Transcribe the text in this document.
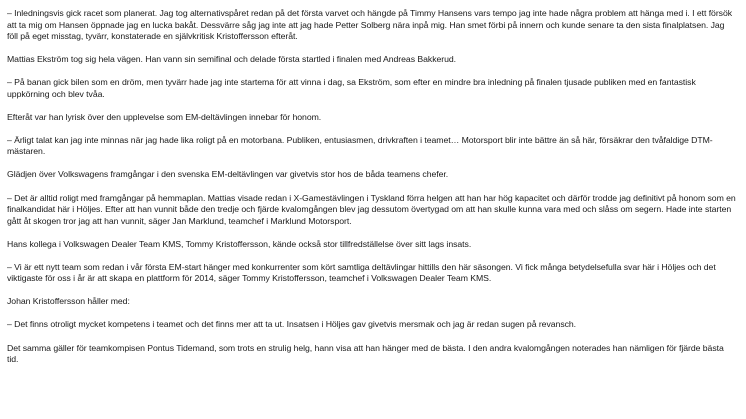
– Inledningsvis gick racet som planerat. Jag tog alternativspåret redan på det första varvet och hängde på Timmy Hansens vars tempo jag inte hade några problem att hänga med i. I ett försök att ta mig om Hansen öppnade jag en lucka bakåt. Dessvärre såg jag inte att jag hade Petter Solberg nära inpå mig. Han smet förbi på innern och kunde senare ta den sista finalplatsen. Jag föll på eget misstag, tyvärr, konstaterade en självkritisk Kristoffersson efteråt.

Mattias Ekström tog sig hela vägen. Han vann sin semifinal och delade första startled i finalen med Andreas Bakkerud.

– På banan gick bilen som en dröm, men tyvärr hade jag inte startema för att vinna i dag, sa Ekström, som efter en mindre bra inledning på finalen tjusade publiken med en fantastisk uppkörning och blev tvåa.

Efteråt var han lyrisk över den upplevelse som EM-deltävlingen innebar för honom.

– Ärligt talat kan jag inte minnas när jag hade lika roligt på en motorbana. Publiken, entusiasmen, drivkraften i teamet… Motorsport blir inte bättre än så här, försäkrar den tvåfaldige DTM-mästaren.

Glädjen över Volkswagens framgångar i den svenska EM-deltävlingen var givetvis stor hos de båda teamens chefer.

– Det är alltid roligt med framgångar på hemmaplan. Mattias visade redan i X-Gamestävlingen i Tyskland förra helgen att han har hög kapacitet och därför trodde jag definitivt på honom som en finalkandidat här i Höljes. Efter att han vunnit både den tredje och fjärde kvalomgången blev jag dessutom övertygad om att han skulle kunna vara med och slåss om segern. Hade inte starten gått åt skogen tror jag att han vunnit, säger Jan Marklund, teamchef i Marklund Motorsport.

Hans kollega i Volkswagen Dealer Team KMS, Tommy Kristoffersson, kände också stor tillfredställelse över sitt lags insats.

– Vi är ett nytt team som redan i vår första EM-start hänger med konkurrenter som kört samtliga deltävlingar hittills den här säsongen. Vi fick många betydelsefulla svar här i Höljes och det viktigaste för oss i år är att skapa en plattform för 2014, säger Tommy Kristoffersson, teamchef i Volkswagen Dealer Team KMS.

Johan Kristoffersson håller med:

– Det finns otroligt mycket kompetens i teamet och det finns mer att ta ut. Insatsen i Höljes gav givetvis mersmak och jag är redan sugen på revansch.

Det samma gäller för teamkompisen Pontus Tidemand, som trots en strulig helg, hann visa att han hänger med de bästa. I den andra kvalomgången noterades han nämligen för fjärde bästa tid.
